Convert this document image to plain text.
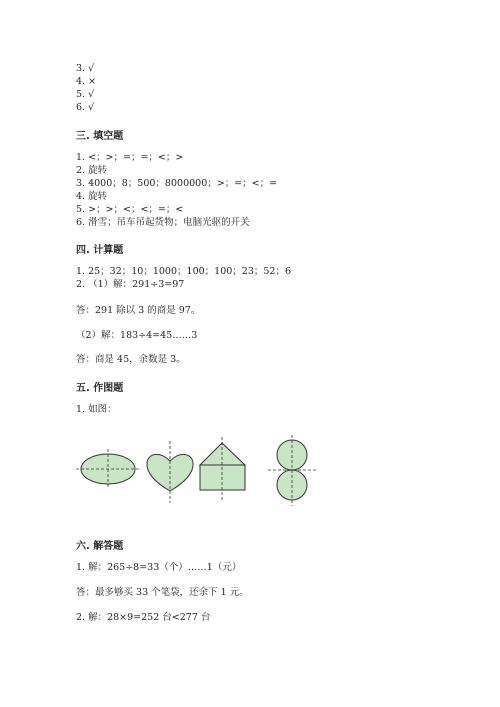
3. √
4. ×
5. √
6. √
三. 填空题
1. <；>；=；=；<；>
2. 旋转
3. 4000；8；500；8000000；>；=；<；=
4. 旋转
5. >；>；<；<；=；<
6. 滑雪；吊车吊起货物；电脑光驱的开关
四. 计算题
1. 25；32；10；1000；100；100；23；52；6
2. （1）解：291÷3=97
答：291 除以 3 的商是 97。
（2）解：183÷4=45……3
答：商是 45，余数是 3。
五. 作图题
1. 如图：
六. 解答题
1. 解：265÷8=33（个）……1（元）
答：最多够买 33 个笔袋，还余下 1 元。
2. 解：28×9=252 台<277 台
